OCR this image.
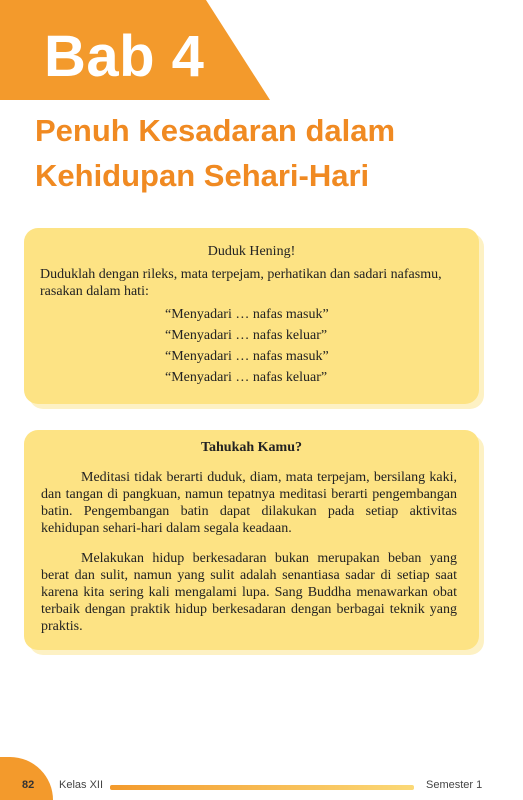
Bab 4
Penuh Kesadaran dalam
Kehidupan Sehari-Hari
Duduk Hening!
Duduklah dengan rileks, mata terpejam, perhatikan dan sadari nafasmu, rasakan dalam hati:
“Menyadari … nafas masuk”
“Menyadari … nafas keluar”
“Menyadari … nafas masuk”
“Menyadari … nafas keluar”
Tahukah Kamu?
Meditasi tidak berarti duduk, diam, mata terpejam, bersilang kaki, dan tangan di pangkuan, namun tepatnya meditasi berarti pengembangan batin. Pengembangan batin dapat dilakukan pada setiap aktivitas kehidupan sehari-hari dalam segala keadaan.
Melakukan hidup berkesadaran bukan merupakan beban yang berat dan sulit, namun yang sulit adalah senantiasa sadar di setiap saat karena kita sering kali mengalami lupa. Sang Buddha menawarkan obat terbaik dengan praktik hidup berkesadaran dengan berbagai teknik yang praktis.
82 Kelas XII	Semester 1
